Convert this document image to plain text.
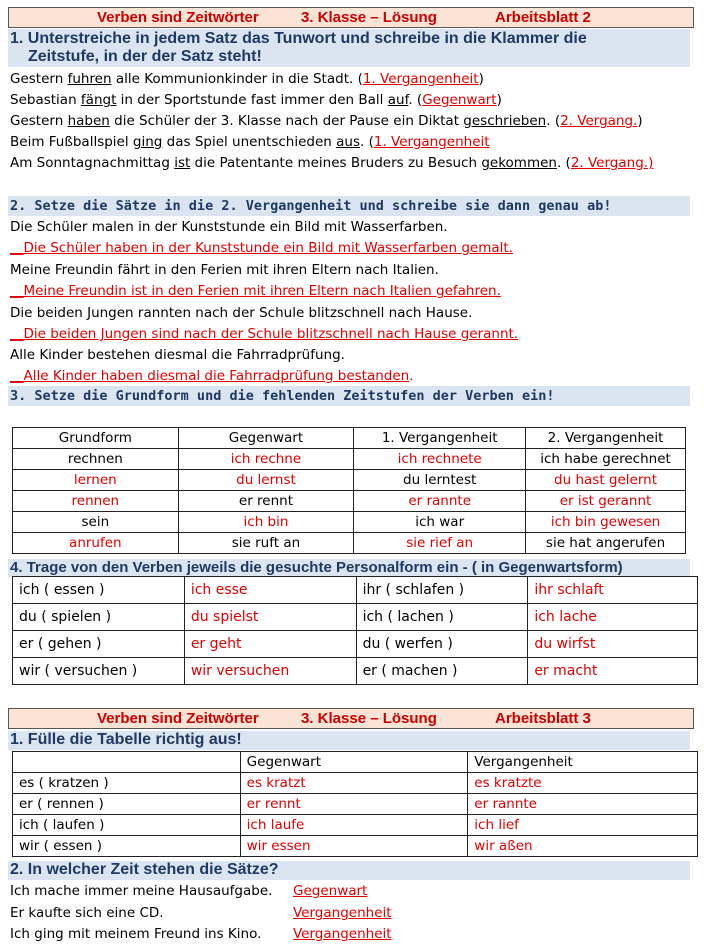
Verben sind Zeitwörter	3. Klasse – Lösung	Arbeitsblatt 2
1. Unterstreiche in jedem Satz das Tunwort und schreibe in die Klammer die
Zeitstufe, in der der Satz steht!
Gestern fuhren alle Kommunionkinder in die Stadt. (1. Vergangenheit)
Sebastian fängt in der Sportstunde fast immer den Ball auf. (Gegenwart)
Gestern haben die Schüler der 3. Klasse nach der Pause ein Diktat geschrieben. (2. Vergang.)
Beim Fußballspiel ging das Spiel unentschieden aus. (1. Vergangenheit
Am Sonntagnachmittag ist die Patentante meines Bruders zu Besuch gekommen. (2. Vergang.)
2. Setze die Sätze in die 2. Vergangenheit und schreibe sie dann genau ab!
Die Schüler malen in der Kunststunde ein Bild mit Wasserfarben.
__Die Schüler haben in der Kunststunde ein Bild mit Wasserfarben gemalt.
Meine Freundin fährt in den Ferien mit ihren Eltern nach Italien.
__Meine Freundin ist in den Ferien mit ihren Eltern nach Italien gefahren.
Die beiden Jungen rannten nach der Schule blitzschnell nach Hause.
__Die beiden Jungen sind nach der Schule blitzschnell nach Hause gerannt.
Alle Kinder bestehen diesmal die Fahrradprüfung.
__Alle Kinder haben diesmal die Fahrradprüfung bestanden.
3. Setze die Grundform und die fehlenden Zeitstufen der Verben ein!
Grundform	Gegenwart	1. Vergangenheit	2. Vergangenheit
rechnen	ich rechne	ich rechnete	ich habe gerechnet
lernen	du lernst	du lerntest	du hast gelernt
rennen	er rennt	er rannte	er ist gerannt
sein	ich bin	ich war	ich bin gewesen
anrufen	sie ruft an	sie rief an	sie hat angerufen
4. Trage von den Verben jeweils die gesuchte Personalform ein - ( in Gegenwartsform)
ich ( essen )	ich esse	ihr ( schlafen )	ihr schlaft
du ( spielen )	du spielst	ich ( lachen )	ich lache
er ( gehen )	er geht	du ( werfen )	du wirfst
wir ( versuchen )	wir versuchen	er ( machen )	er macht
Verben sind Zeitwörter	3. Klasse – Lösung	Arbeitsblatt 3
1. Fülle die Tabelle richtig aus!
	Gegenwart	Vergangenheit
es ( kratzen )	es kratzt	es kratzte
er ( rennen )	er rennt	er rannte
ich ( laufen )	ich laufe	ich lief
wir ( essen )	wir essen	wir aßen
2. In welcher Zeit stehen die Sätze?
Ich mache immer meine Hausaufgabe. Gegenwart
Er kaufte sich eine CD.	Vergangenheit
Ich ging mit meinem Freund ins Kino. Vergangenheit
